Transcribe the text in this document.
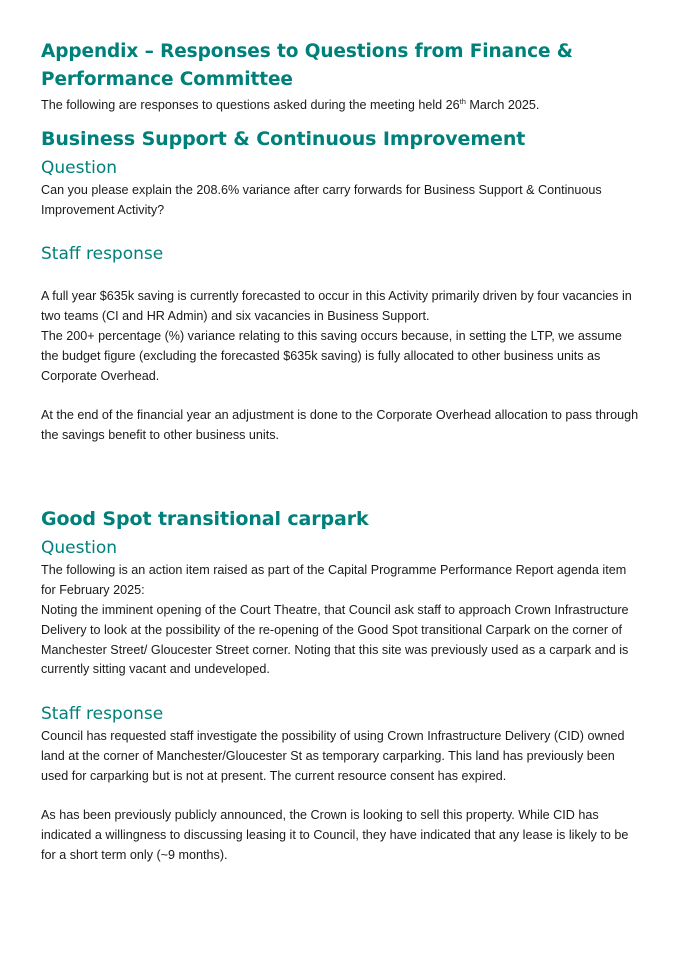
Appendix – Responses to Questions from Finance & Performance Committee

The following are responses to questions asked during the meeting held 26th March 2025.

Business Support & Continuous Improvement
Question

Can you please explain the 208.6% variance after carry forwards for Business Support & Continuous Improvement Activity?

Staff response

A full year $635k saving is currently forecasted to occur in this Activity primarily driven by four vacancies in two teams (CI and HR Admin) and six vacancies in Business Support.

The 200+ percentage (%) variance relating to this saving occurs because, in setting the LTP, we assume the budget figure (excluding the forecasted $635k saving) is fully allocated to other business units as Corporate Overhead.

At the end of the financial year an adjustment is done to the Corporate Overhead allocation to pass through the savings benefit to other business units.

Good Spot transitional carpark
Question

The following is an action item raised as part of the Capital Programme Performance Report agenda item for February 2025:

Noting the imminent opening of the Court Theatre, that Council ask staff to approach Crown Infrastructure Delivery to look at the possibility of the re-opening of the Good Spot transitional Carpark on the corner of Manchester Street/ Gloucester Street corner. Noting that this site was previously used as a carpark and is currently sitting vacant and undeveloped.

Staff response

Council has requested staff investigate the possibility of using Crown Infrastructure Delivery (CID) owned land at the corner of Manchester/Gloucester St as temporary carparking. This land has previously been used for carparking but is not at present. The current resource consent has expired.

As has been previously publicly announced, the Crown is looking to sell this property. While CID has indicated a willingness to discussing leasing it to Council, they have indicated that any lease is likely to be for a short term only (~9 months).
